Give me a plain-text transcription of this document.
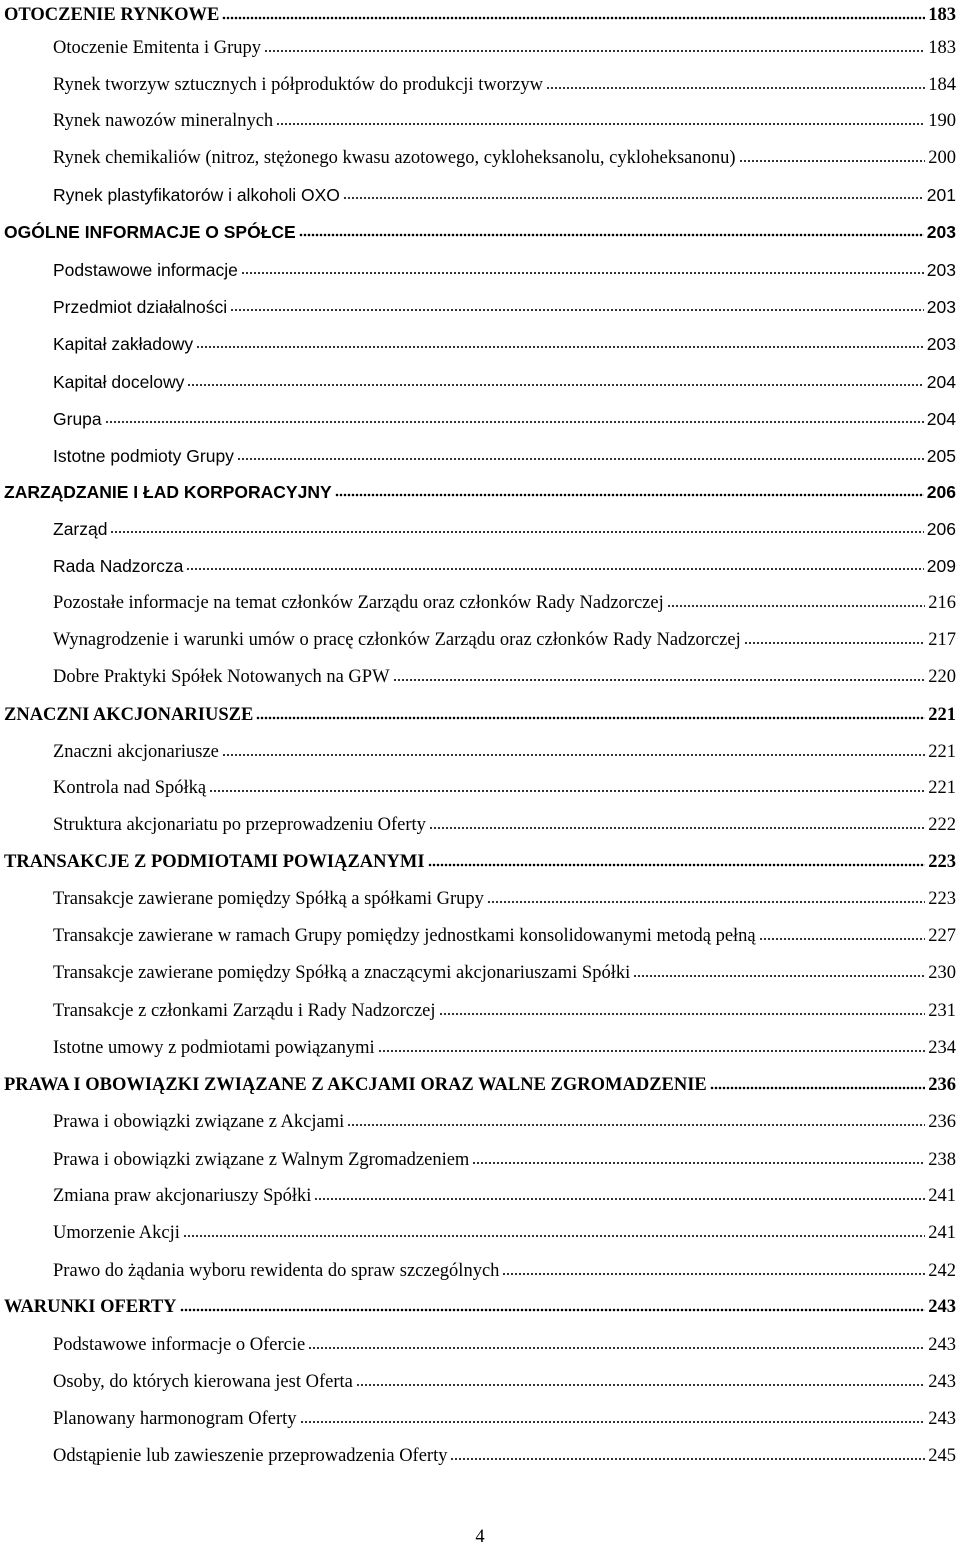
OTOCZENIE RYNKOWE	183
Otoczenie Emitenta i Grupy	183
Rynek tworzyw sztucznych i półproduktów do produkcji tworzyw	184
Rynek nawozów mineralnych	190
Rynek chemikaliów (nitroz, stężonego kwasu azotowego, cykloheksanolu, cykloheksanonu)	200
Rynek plastyfikatorów i alkoholi OXO	201
OGÓLNE INFORMACJE O SPÓŁCE	203
Podstawowe informacje	203
Przedmiot działalności	203
Kapitał zakładowy	203
Kapitał docelowy	204
Grupa	204
Istotne podmioty Grupy	205
ZARZĄDZANIE I ŁAD KORPORACYJNY	206
Zarząd	206
Rada Nadzorcza	209
Pozostałe informacje na temat członków Zarządu oraz członków Rady Nadzorczej	216
Wynagrodzenie i warunki umów o pracę członków Zarządu oraz członków Rady Nadzorczej	217
Dobre Praktyki Spółek Notowanych na GPW	220
ZNACZNI AKCJONARIUSZE	221
Znaczni akcjonariusze	221
Kontrola nad Spółką	221
Struktura akcjonariatu po przeprowadzeniu Oferty	222
TRANSAKCJE Z PODMIOTAMI POWIĄZANYMI	223
Transakcje zawierane pomiędzy Spółką a spółkami Grupy	223
Transakcje zawierane w ramach Grupy pomiędzy jednostkami konsolidowanymi metodą pełną	227
Transakcje zawierane pomiędzy Spółką a znaczącymi akcjonariuszami Spółki	230
Transakcje z członkami Zarządu i Rady Nadzorczej	231
Istotne umowy z podmiotami powiązanymi	234
PRAWA I OBOWIĄZKI ZWIĄZANE Z AKCJAMI ORAZ WALNE ZGROMADZENIE	236
Prawa i obowiązki związane z Akcjami	236
Prawa i obowiązki związane z Walnym Zgromadzeniem	238
Zmiana praw akcjonariuszy Spółki	241
Umorzenie Akcji	241
Prawo do żądania wyboru rewidenta do spraw szczególnych	242
WARUNKI OFERTY	243
Podstawowe informacje o Ofercie	243
Osoby, do których kierowana jest Oferta	243
Planowany harmonogram Oferty	243
Odstąpienie lub zawieszenie przeprowadzenia Oferty	245
4
